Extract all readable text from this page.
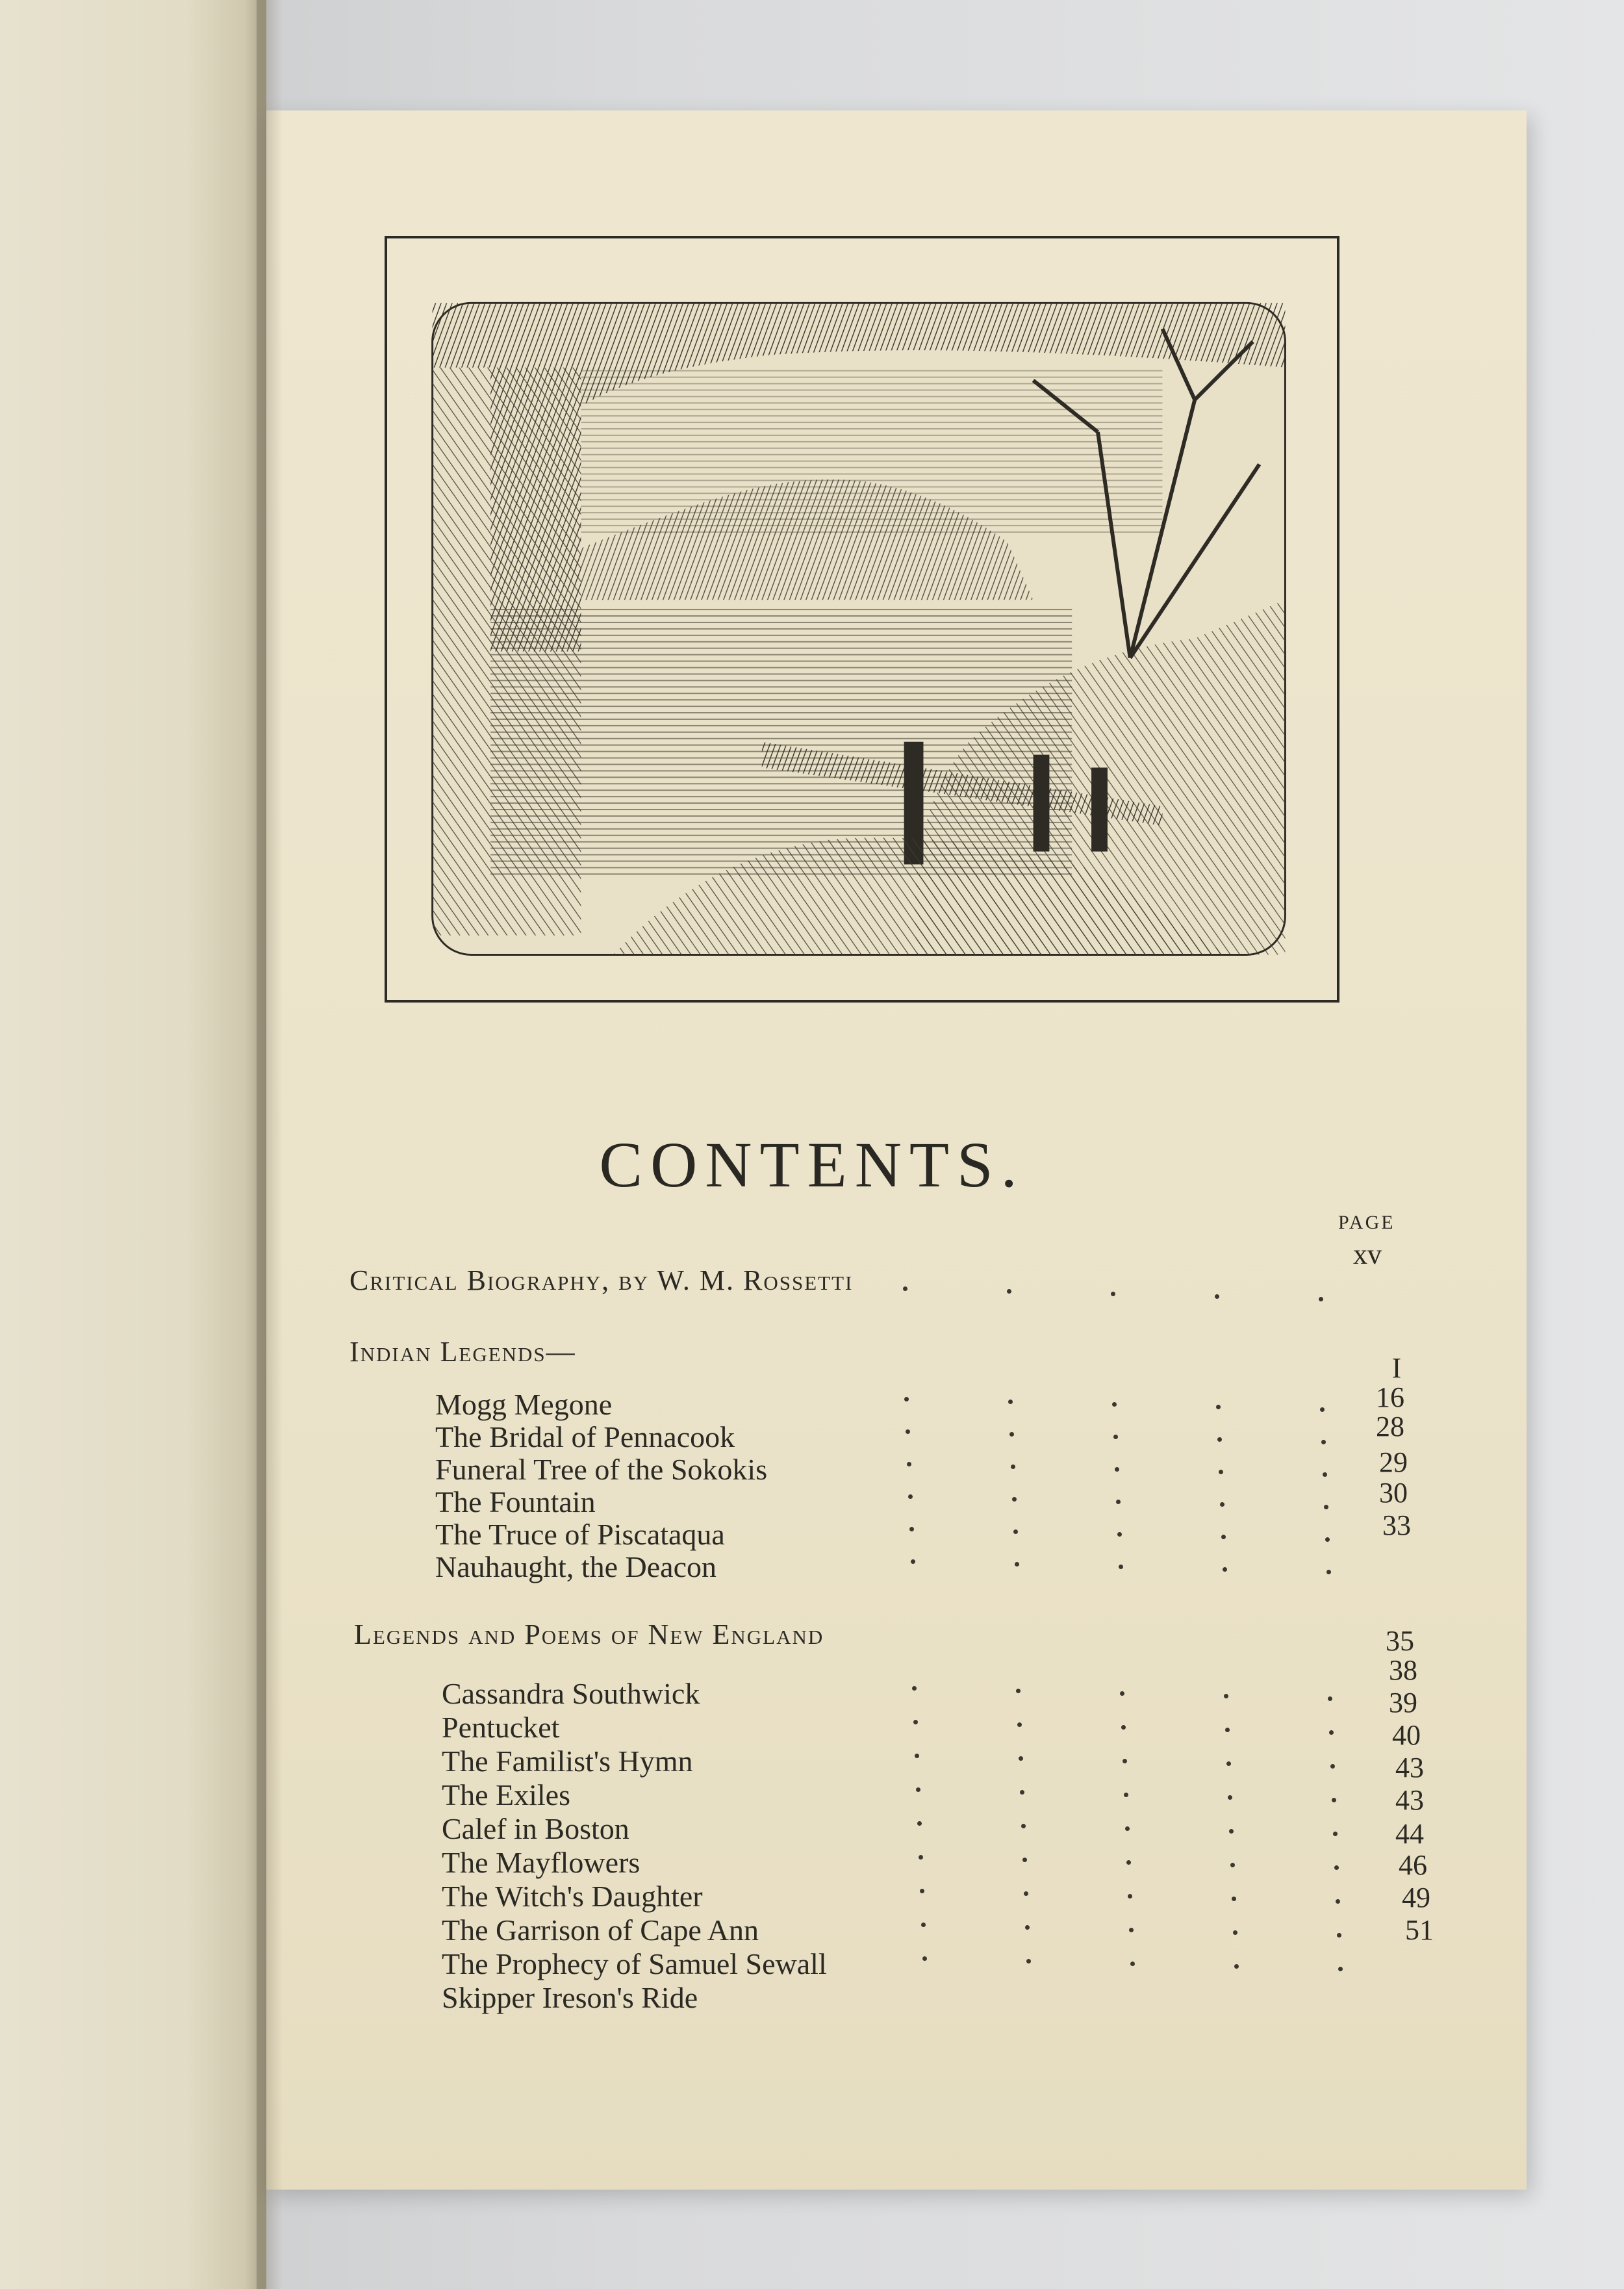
CONTENTS.
PAGE
Critical Biography, by W. M. Rossetti
Indian Legends—
Mogg Megone
The Bridal of Pennacook
Funeral Tree of the Sokokis
The Fountain
The Truce of Piscataqua
Nauhaught, the Deacon
Legends and Poems of New England
Cassandra Southwick
Pentucket
The Familist's Hymn
The Exiles
Calef in Boston
The Mayflowers
The Witch's Daughter
The Garrison of Cape Ann
The Prophecy of Samuel Sewall
Skipper Ireson's Ride
xv
I
16
28
29
30
33
35
38
39
40
43
43
44
46
49
51
